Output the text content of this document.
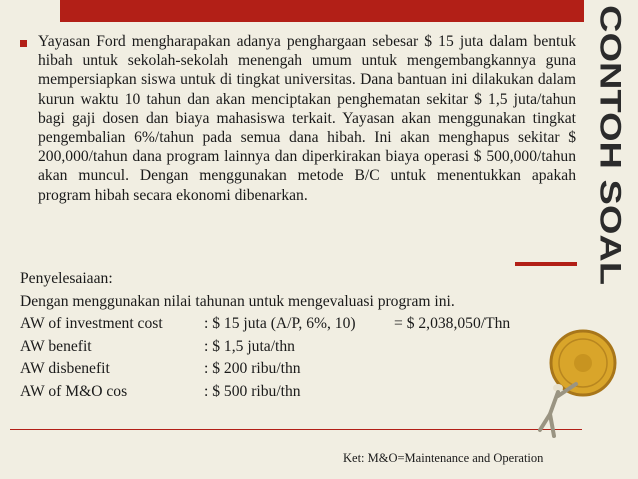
CONTOH SOAL

Yayasan Ford mengharapakan adanya penghargaan sebesar $ 15 juta dalam bentuk hibah untuk sekolah-sekolah menengah umum untuk mengembangkannya guna mempersiapkan siswa untuk di tingkat universitas. Dana bantuan ini dilakukan dalam kurun waktu 10 tahun dan akan menciptakan penghematan sekitar $ 1,5 juta/tahun bagi gaji dosen dan biaya mahasiswa terkait. Yayasan akan menggunakan tingkat pengembalian 6%/tahun pada semua dana hibah. Ini akan menghapus sekitar $ 200,000/tahun dana program lainnya dan diperkirakan biaya operasi $ 500,000/tahun akan muncul. Dengan menggunakan metode B/C untuk menentukkan apakah program hibah secara ekonomi dibenarkan.

Penyelesaiaan:
Dengan menggunakan nilai tahunan untuk mengevaluasi program ini.
AW of investment cost	: $ 15 juta (A/P, 6%, 10)	= $ 2,038,050/Thn
AW benefit	: $ 1,5 juta/thn
AW disbenefit	: $ 200 ribu/thn
AW of M&O cos	: $ 500 ribu/thn
Ket: M&O=Maintenance and Operation
